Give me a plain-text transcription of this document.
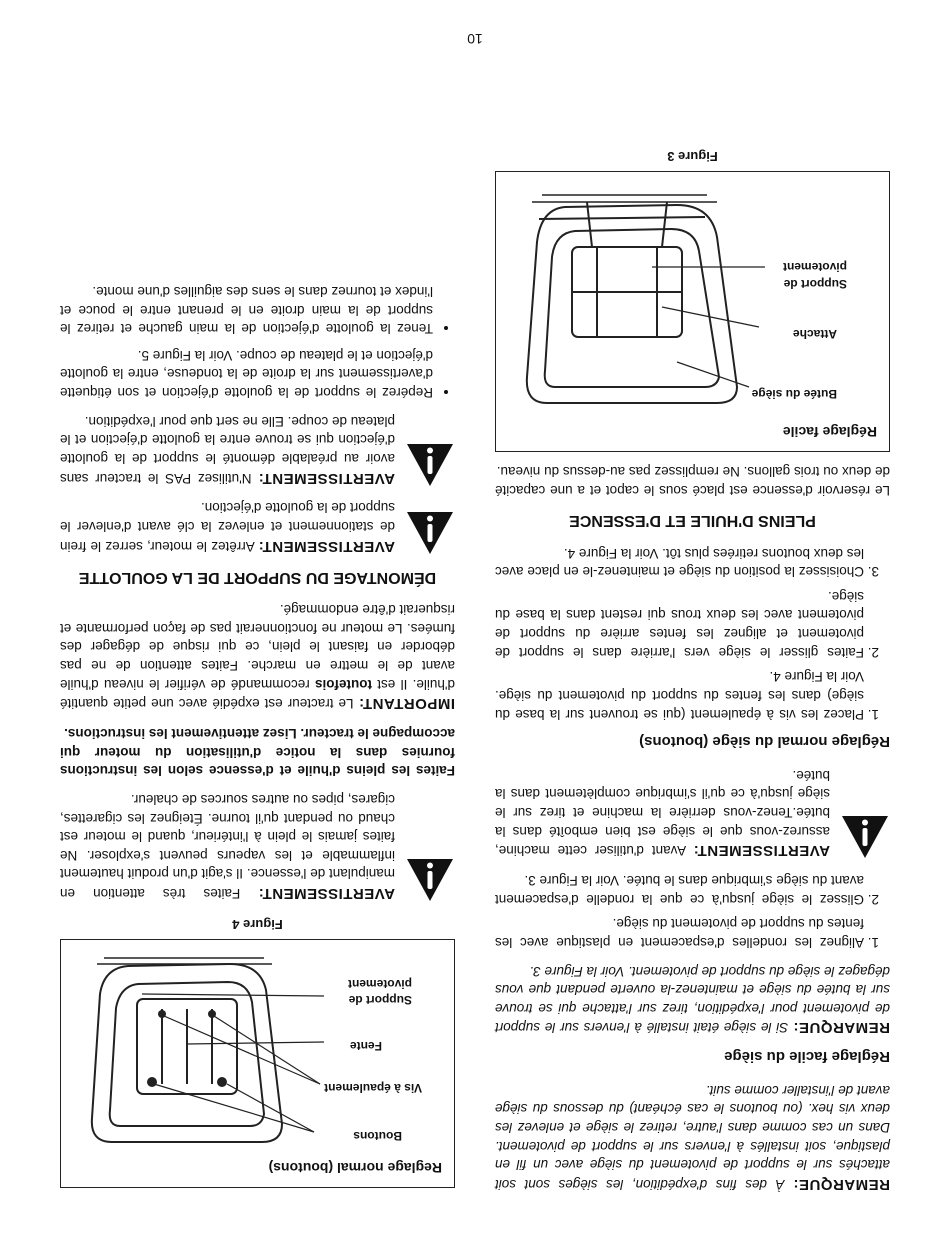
REMARQUE: À des fins d'expédition, les sièges sont soit attachés sur le support de pivotement du siège avec un fil en plastique, soit installés à l'envers sur le support de pivotement. Dans un cas comme dans l'autre, retirez le siège et enlevez les deux vis hex. (ou boutons le cas échéant) du dessous du siège avant de l'installer comme suit.

Réglage facile du siège

REMARQUE: Si le siège était installé à l'envers sur le support de pivotement pour l'expédition, tirez sur l'attache qui se trouve sur la butée du siège et maintenez-la ouverte pendant que vous dégagez le siège du support de pivotement. Voir la Figure 3.

1. Alignez les rondelles d'espacement en plastique avec les fentes du support de pivotement du siège.
2. Glissez le siège jusqu'à ce que la rondelle d'espacement avant du siège s'imbrique dans le butée. Voir la Figure 3.

AVERTISSEMENT: Avant d'utiliser cette machine, assurez-vous que le siège est bien emboîté dans la butée.Tenez-vous derrière la machine et tirez sur le siège jusqu'à ce qu'il s'imbrique complètement dans la butée.

Réglage normal du siège (boutons)
1. Placez les vis à épaulement (qui se trouvent sur la base du siège) dans les fentes du support du pivotement du siège. Voir la Figure 4.
2. Faites glisser le siège vers l'arrière dans le support de pivotement et alignez les fentes arrière du support de pivotement avec les deux trous qui restent dans la base du siège.
3. Choisissez la position du siège et maintenez-le en place avec les deux boutons retirées plus tôt. Voir la Figure 4.
PLEINS D'HUILE ET D'ESSENCE

Le réservoir d'essence est placé sous le capot et a une capacité de deux ou trois gallons. Ne remplissez pas au-dessus du niveau.

Réglage facile
Butée du siège
Attache
Support de pivotement
Figure 3
Reglage normal (boutons)
Boutons
Vis à épaulement
Fente
Support de pivotement
Figure 4

AVERTISSEMENT: Faites très attention en manipulant de l'essence. Il s'agit d'un produit hautement inflammable et les vapeurs peuvent s'exploser. Ne faites jamais le plein à l'intérieur, quand le moteur est chaud ou pendant qu'il tourne. Éteignez les cigarettes, cigares, pipes ou autres sources de chaleur.

Faites les pleins d'huile et d'essence selon les instructions fournies dans la notice d'utilisation du moteur qui accompagne le tracteur. Lisez attentivement les instructions.

IMPORTANT: Le tracteur est expédié avec une petite quantité d'huile. Il est toutefois recommandé de vérifier le niveau d'huile avant de le mettre en marche. Faites attention de ne pas déborder en faisant le plein, ce qui risque de dégager des fumées. Le moteur ne fonctionnerait pas de façon performante et risquerait d'être endommagé.

DÉMONTAGE DU SUPPORT DE LA GOULOTTE

AVERTISSEMENT: Arrêtez le moteur, serrez le frein de stationnement et enlevez la clé avant d'enlever le support de la goulotte d'éjection.

AVERTISSEMENT: N'utilisez PAS le tracteur sans avoir au préalable démonté le support de la goulotte d'éjection qui se trouve entre la goulotte d'éjection et le plateau de coupe. Elle ne sert que pour l'expédition.

• Repérez le support de la goulotte d'éjection et son étiquette d'avertissement sur la droite de la tondeuse, entre la goulotte d'éjection et le plateau de coupe. Voir la Figure 5.
• Tenez la goulotte d'éjection de la main gauche et retirez le support de la main droite en le prenant entre le pouce et l'index et tournez dans le sens des aiguilles d'une monte.
10
